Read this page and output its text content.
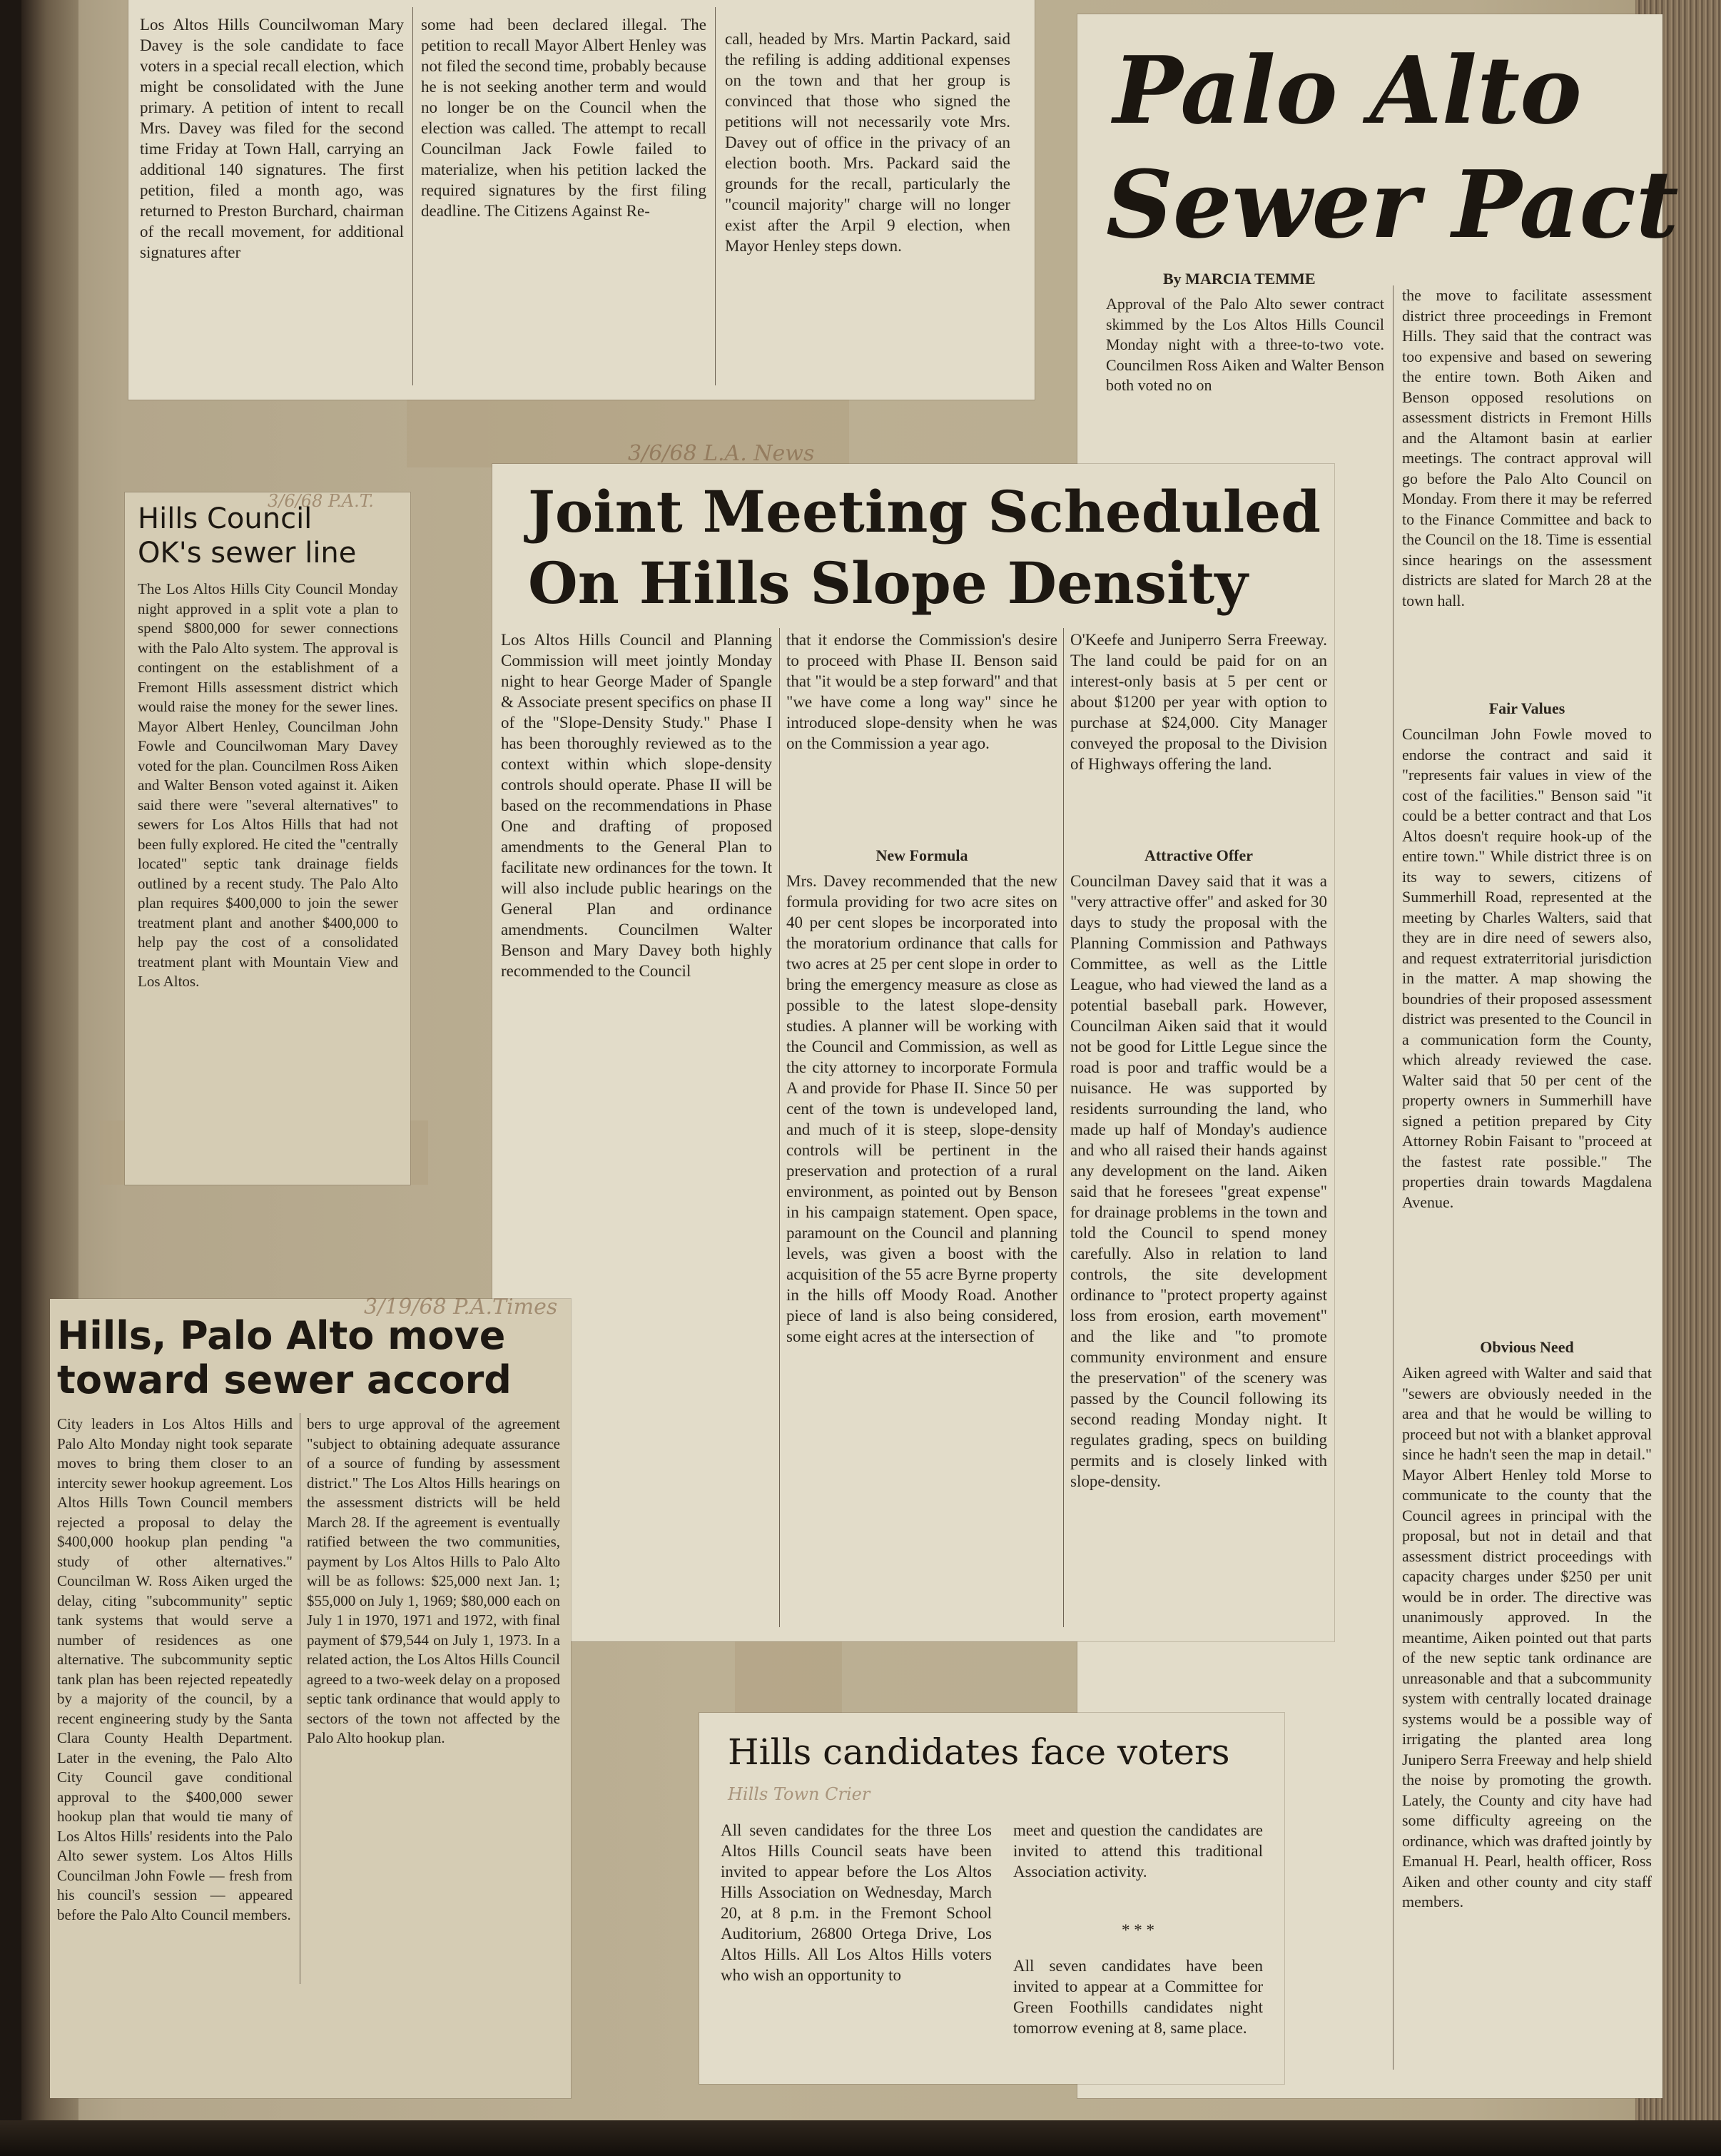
Los Altos Hills Councilwoman Mary Davey is the sole candidate to face voters in a special recall election, which might be consolidated with the June primary. A petition of intent to recall Mrs. Davey was filed for the second time Friday at Town Hall, carrying an additional 140 signatures. The first petition, filed a month ago, was returned to Preston Burchard, chairman of the recall movement, for additional signatures after
some had been declared illegal. The petition to recall Mayor Albert Henley was not filed the second time, probably because he is not seeking another term and would no longer be on the Council when the election was called. The attempt to recall Councilman Jack Fowle failed to materialize, when his petition lacked the required signatures by the first filing deadline. The Citizens Against Re-
call, headed by Mrs. Martin Packard, said the refiling is adding additional expenses on the town and that her group is convinced that those who signed the petitions will not necessarily vote Mrs. Davey out of office in the privacy of an election booth. Mrs. Packard said the grounds for the recall, particularly the "council majority" charge will no longer exist after the Arpil 9 election, when Mayor Henley steps down.
Palo Alto
Sewer Pact
By MARCIA TEMME
Approval of the Palo Alto sewer contract skimmed by the Los Altos Hills Council Monday night with a three-to-two vote. Councilmen Ross Aiken and Walter Benson both voted no on
the move to facilitate assessment district three proceedings in Fremont Hills. They said that the contract was too expensive and based on sewering the entire town. Both Aiken and Benson opposed resolutions on assessment districts in Fremont Hills and the Altamont basin at earlier meetings. The contract approval will go before the Palo Alto Council on Monday. From there it may be referred to the Finance Committee and back to the Council on the 18. Time is essential since hearings on the assessment districts are slated for March 28 at the town hall.
Fair Values
Councilman John Fowle moved to endorse the contract and said it "represents fair values in view of the cost of the facilities." Benson said "it could be a better contract and that Los Altos doesn't require hook-up of the entire town." While district three is on its way to sewers, citizens of Summerhill Road, represented at the meeting by Charles Walters, said that they are in dire need of sewers also, and request extraterritorial jurisdiction in the matter. A map showing the boundries of their proposed assessment district was presented to the Council in a communication form the County, which already reviewed the case. Walter said that 50 per cent of the property owners in Summerhill have signed a petition prepared by City Attorney Robin Faisant to "proceed at the fastest rate possible." The properties drain towards Magdalena Avenue.
Obvious Need
Aiken agreed with Walter and said that "sewers are obviously needed in the area and that he would be willing to proceed but not with a blanket approval since he hadn't seen the map in detail." Mayor Albert Henley told Morse to communicate to the county that the Council agrees in principal with the proposal, but not in detail and that assessment district proceedings with capacity charges under $250 per unit would be in order. The directive was unanimously approved. In the meantime, Aiken pointed out that parts of the new septic tank ordinance are unreasonable and that a subcommunity system with centrally located drainage systems would be a possible way of irrigating the planted area long Junipero Serra Freeway and help shield the noise by promoting the growth. Lately, the County and city have had some difficulty agreeing on the ordinance, which was drafted jointly by Emanual H. Pearl, health officer, Ross Aiken and other county and city staff members.
3/6/68 P.A.T.
Hills Council
OK's sewer line
The Los Altos Hills City Council Monday night approved in a split vote a plan to spend $800,000 for sewer connections with the Palo Alto system. The approval is contingent on the establishment of a Fremont Hills assessment district which would raise the money for the sewer lines. Mayor Albert Henley, Councilman John Fowle and Councilwoman Mary Davey voted for the plan. Councilmen Ross Aiken and Walter Benson voted against it. Aiken said there were "several alternatives" to sewers for Los Altos Hills that had not been fully explored. He cited the "centrally located" septic tank drainage fields outlined by a recent study. The Palo Alto plan requires $400,000 to join the sewer treatment plant and another $400,000 to help pay the cost of a consolidated treatment plant with Mountain View and Los Altos.
3/6/68 L.A. News
Joint Meeting Scheduled
On Hills Slope Density
Los Altos Hills Council and Planning Commission will meet jointly Monday night to hear George Mader of Spangle & Associate present specifics on phase II of the "Slope-Density Study." Phase I has been thoroughly reviewed as to the context within which slope-density controls should operate. Phase II will be based on the recommendations in Phase One and drafting of proposed amendments to the General Plan to facilitate new ordinances for the town. It will also include public hearings on the General Plan and ordinance amendments. Councilmen Walter Benson and Mary Davey both highly recommended to the Council
that it endorse the Commission's desire to proceed with Phase II. Benson said that "it would be a step forward" and that "we have come a long way" since he introduced slope-density when he was on the Commission a year ago.
New Formula
Mrs. Davey recommended that the new formula providing for two acre sites on 40 per cent slopes be incorporated into the moratorium ordinance that calls for two acres at 25 per cent slope in order to bring the emergency measure as close as possible to the latest slope-density studies. A planner will be working with the Council and Commission, as well as the city attorney to incorporate Formula A and provide for Phase II. Since 50 per cent of the town is undeveloped land, and much of it is steep, slope-density controls will be pertinent in the preservation and protection of a rural environment, as pointed out by Benson in his campaign statement. Open space, paramount on the Council and planning levels, was given a boost with the acquisition of the 55 acre Byrne property in the hills off Moody Road. Another piece of land is also being considered, some eight acres at the intersection of
O'Keefe and Juniperro Serra Freeway. The land could be paid for on an interest-only basis at 5 per cent or about $1200 per year with option to purchase at $24,000. City Manager conveyed the proposal to the Division of Highways offering the land.
Attractive Offer
Councilman Davey said that it was a "very attractive offer" and asked for 30 days to study the proposal with the Planning Commission and Pathways Committee, as well as the Little League, who had viewed the land as a potential baseball park. However, Councilman Aiken said that it would not be good for Little Legue since the road is poor and traffic would be a nuisance. He was supported by residents surrounding the land, who made up half of Monday's audience and who all raised their hands against any development on the land. Aiken said that he foresees "great expense" for drainage problems in the town and told the Council to spend money carefully. Also in relation to land controls, the site development ordinance to "protect property against loss from erosion, earth movement" and the like and "to promote community environment and ensure the preservation" of the scenery was passed by the Council following its second reading Monday night. It regulates grading, specs on building permits and is closely linked with slope-density.
3/19/68 P.A.Times
Hills, Palo Alto move
toward sewer accord
City leaders in Los Altos Hills and Palo Alto Monday night took separate moves to bring them closer to an intercity sewer hookup agreement. Los Altos Hills Town Council members rejected a proposal to delay the $400,000 hookup plan pending "a study of other alternatives." Councilman W. Ross Aiken urged the delay, citing "subcommunity" septic tank systems that would serve a number of residences as one alternative. The subcommunity septic tank plan has been rejected repeatedly by a majority of the council, by a recent engineering study by the Santa Clara County Health Department. Later in the evening, the Palo Alto City Council gave conditional approval to the $400,000 sewer hookup plan that would tie many of Los Altos Hills' residents into the Palo Alto sewer system. Los Altos Hills Councilman John Fowle — fresh from his council's session — appeared before the Palo Alto Council members.
bers to urge approval of the agreement "subject to obtaining adequate assurance of a source of funding by assessment district." The Los Altos Hills hearings on the assessment districts will be held March 28. If the agreement is eventually ratified between the two communities, payment by Los Altos Hills to Palo Alto will be as follows: $25,000 next Jan. 1; $55,000 on July 1, 1969; $80,000 each on July 1 in 1970, 1971 and 1972, with final payment of $79,544 on July 1, 1973. In a related action, the Los Altos Hills Council agreed to a two-week delay on a proposed septic tank ordinance that would apply to sectors of the town not affected by the Palo Alto hookup plan.	Hills candidates face voters
Hills Town Crier
All seven candidates for the three Los Altos Hills Council seats have been invited to appear before the Los Altos Hills Association on Wednesday, March 20, at 8 p.m. in the Fremont School Auditorium, 26800 Ortega Drive, Los Altos Hills. All Los Altos Hills voters who wish an opportunity to
meet and question the candidates are invited to attend this traditional Association activity.
* * *
All seven candidates have been invited to appear at a Committee for Green Foothills candidates night tomorrow evening at 8, same place.
